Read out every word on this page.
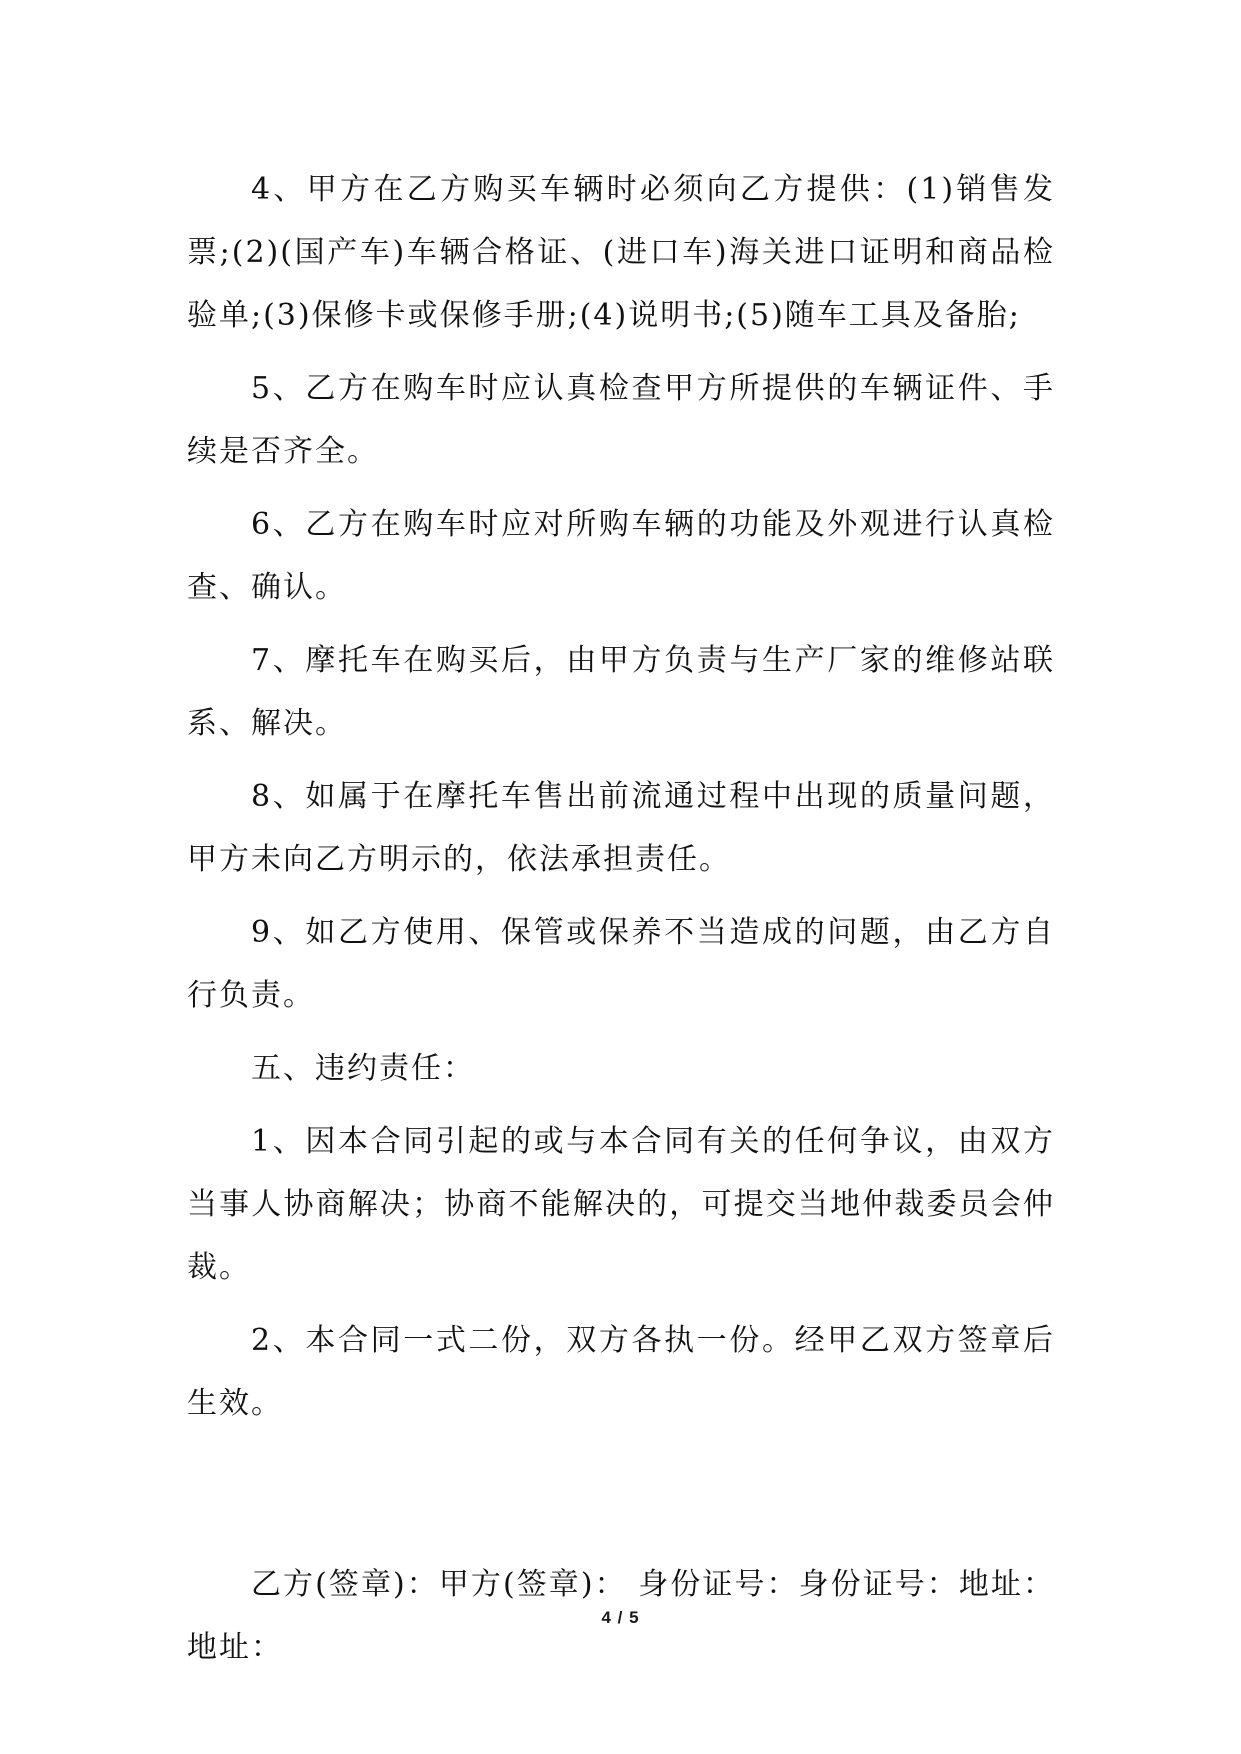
4、甲方在乙方购买车辆时必须向乙方提供：(1)销售发票;(2)(国产车)车辆合格证、(进口车)海关进口证明和商品检验单;(3)保修卡或保修手册;(4)说明书;(5)随车工具及备胎;

5、乙方在购车时应认真检查甲方所提供的车辆证件、手续是否齐全。

6、乙方在购车时应对所购车辆的功能及外观进行认真检查、确认。

7、摩托车在购买后，由甲方负责与生产厂家的维修站联系、解决。

8、如属于在摩托车售出前流通过程中出现的质量问题，甲方未向乙方明示的，依法承担责任。

9、如乙方使用、保管或保养不当造成的问题，由乙方自行负责。

五、违约责任：

1、因本合同引起的或与本合同有关的任何争议，由双方当事人协商解决；协商不能解决的，可提交当地仲裁委员会仲裁。

2、本合同一式二份，双方各执一份。经甲乙双方签章后生效。

乙方(签章)：甲方(签章)： 身份证号：身份证号：地址：地址：

4 / 5
